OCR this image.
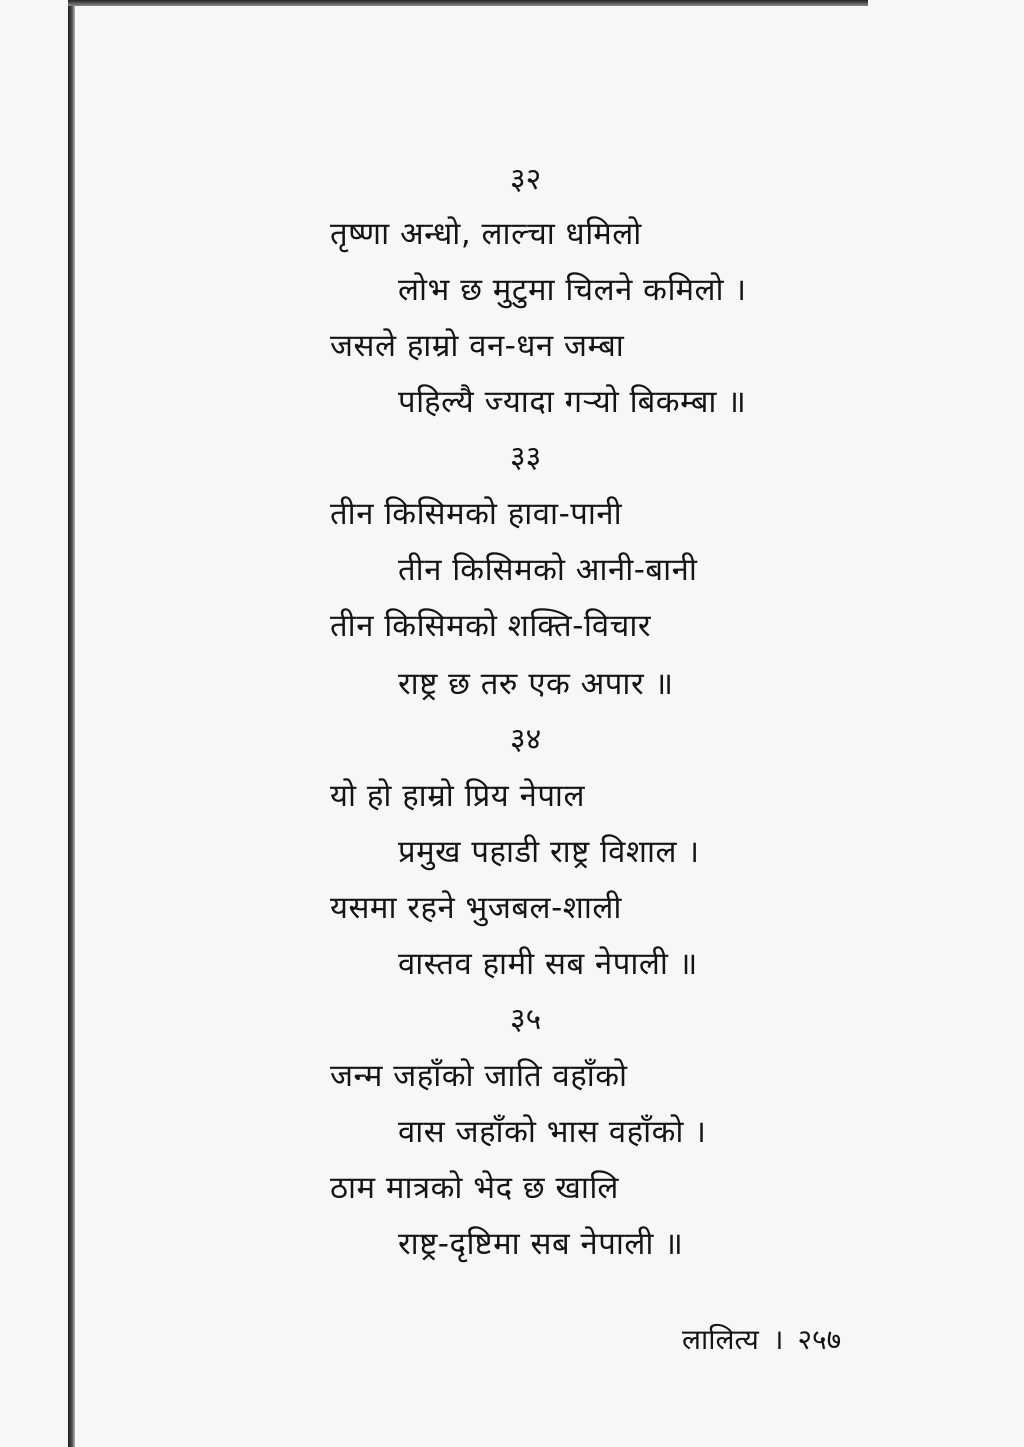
३२
तृष्णा अन्धो, लाल्चा धमिलो
लोभ छ मुटुमा चिलने कमिलो ।
जसले हाम्रो वन-धन जम्बा
पहिल्यै ज्यादा गऱ्यो बिकम्बा ॥
३३
तीन किसिमको हावा-पानी
तीन किसिमको आनी-बानी
तीन किसिमको शक्ति-विचार
राष्ट्र छ तरु एक अपार ॥
३४
यो हो हाम्रो प्रिय नेपाल
प्रमुख पहाडी राष्ट्र विशाल ।
यसमा रहने भुजबल-शाली
वास्तव हामी सब नेपाली ॥
३५
जन्म जहाँको जाति वहाँको
वास जहाँको भास वहाँको ।
ठाम मात्रको भेद छ खालि
राष्ट्र-दृष्टिमा सब नेपाली ॥
लालित्य । २५७
